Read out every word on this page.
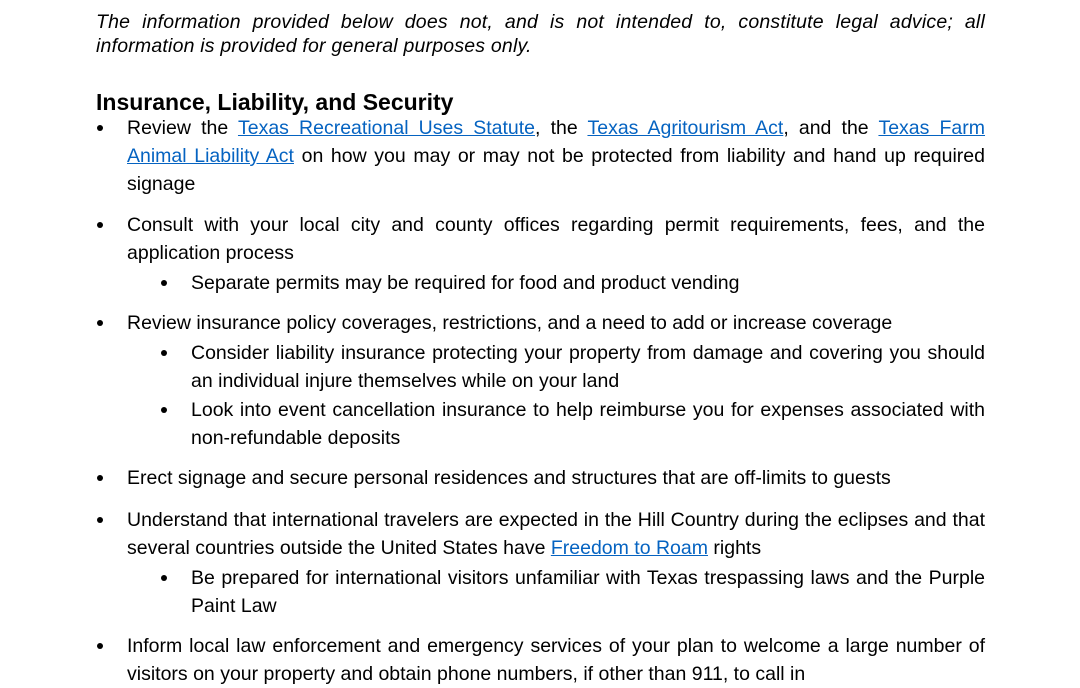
The information provided below does not, and is not intended to, constitute legal advice; all information is provided for general purposes only.

Insurance, Liability, and Security

Review the Texas Recreational Uses Statute, the Texas Agritourism Act, and the Texas Farm Animal Liability Act on how you may or may not be protected from liability and hand up required signage

Consult with your local city and county offices regarding permit requirements, fees, and the application process

Separate permits may be required for food and product vending

Review insurance policy coverages, restrictions, and a need to add or increase coverage

Consider liability insurance protecting your property from damage and covering you should an individual injure themselves while on your land

Look into event cancellation insurance to help reimburse you for expenses associated with non-refundable deposits

Erect signage and secure personal residences and structures that are off-limits to guests

Understand that international travelers are expected in the Hill Country during the eclipses and that several countries outside the United States have Freedom to Roam rights

Be prepared for international visitors unfamiliar with Texas trespassing laws and the Purple Paint Law

Inform local law enforcement and emergency services of your plan to welcome a large number of visitors on your property and obtain phone numbers, if other than 911, to call in
